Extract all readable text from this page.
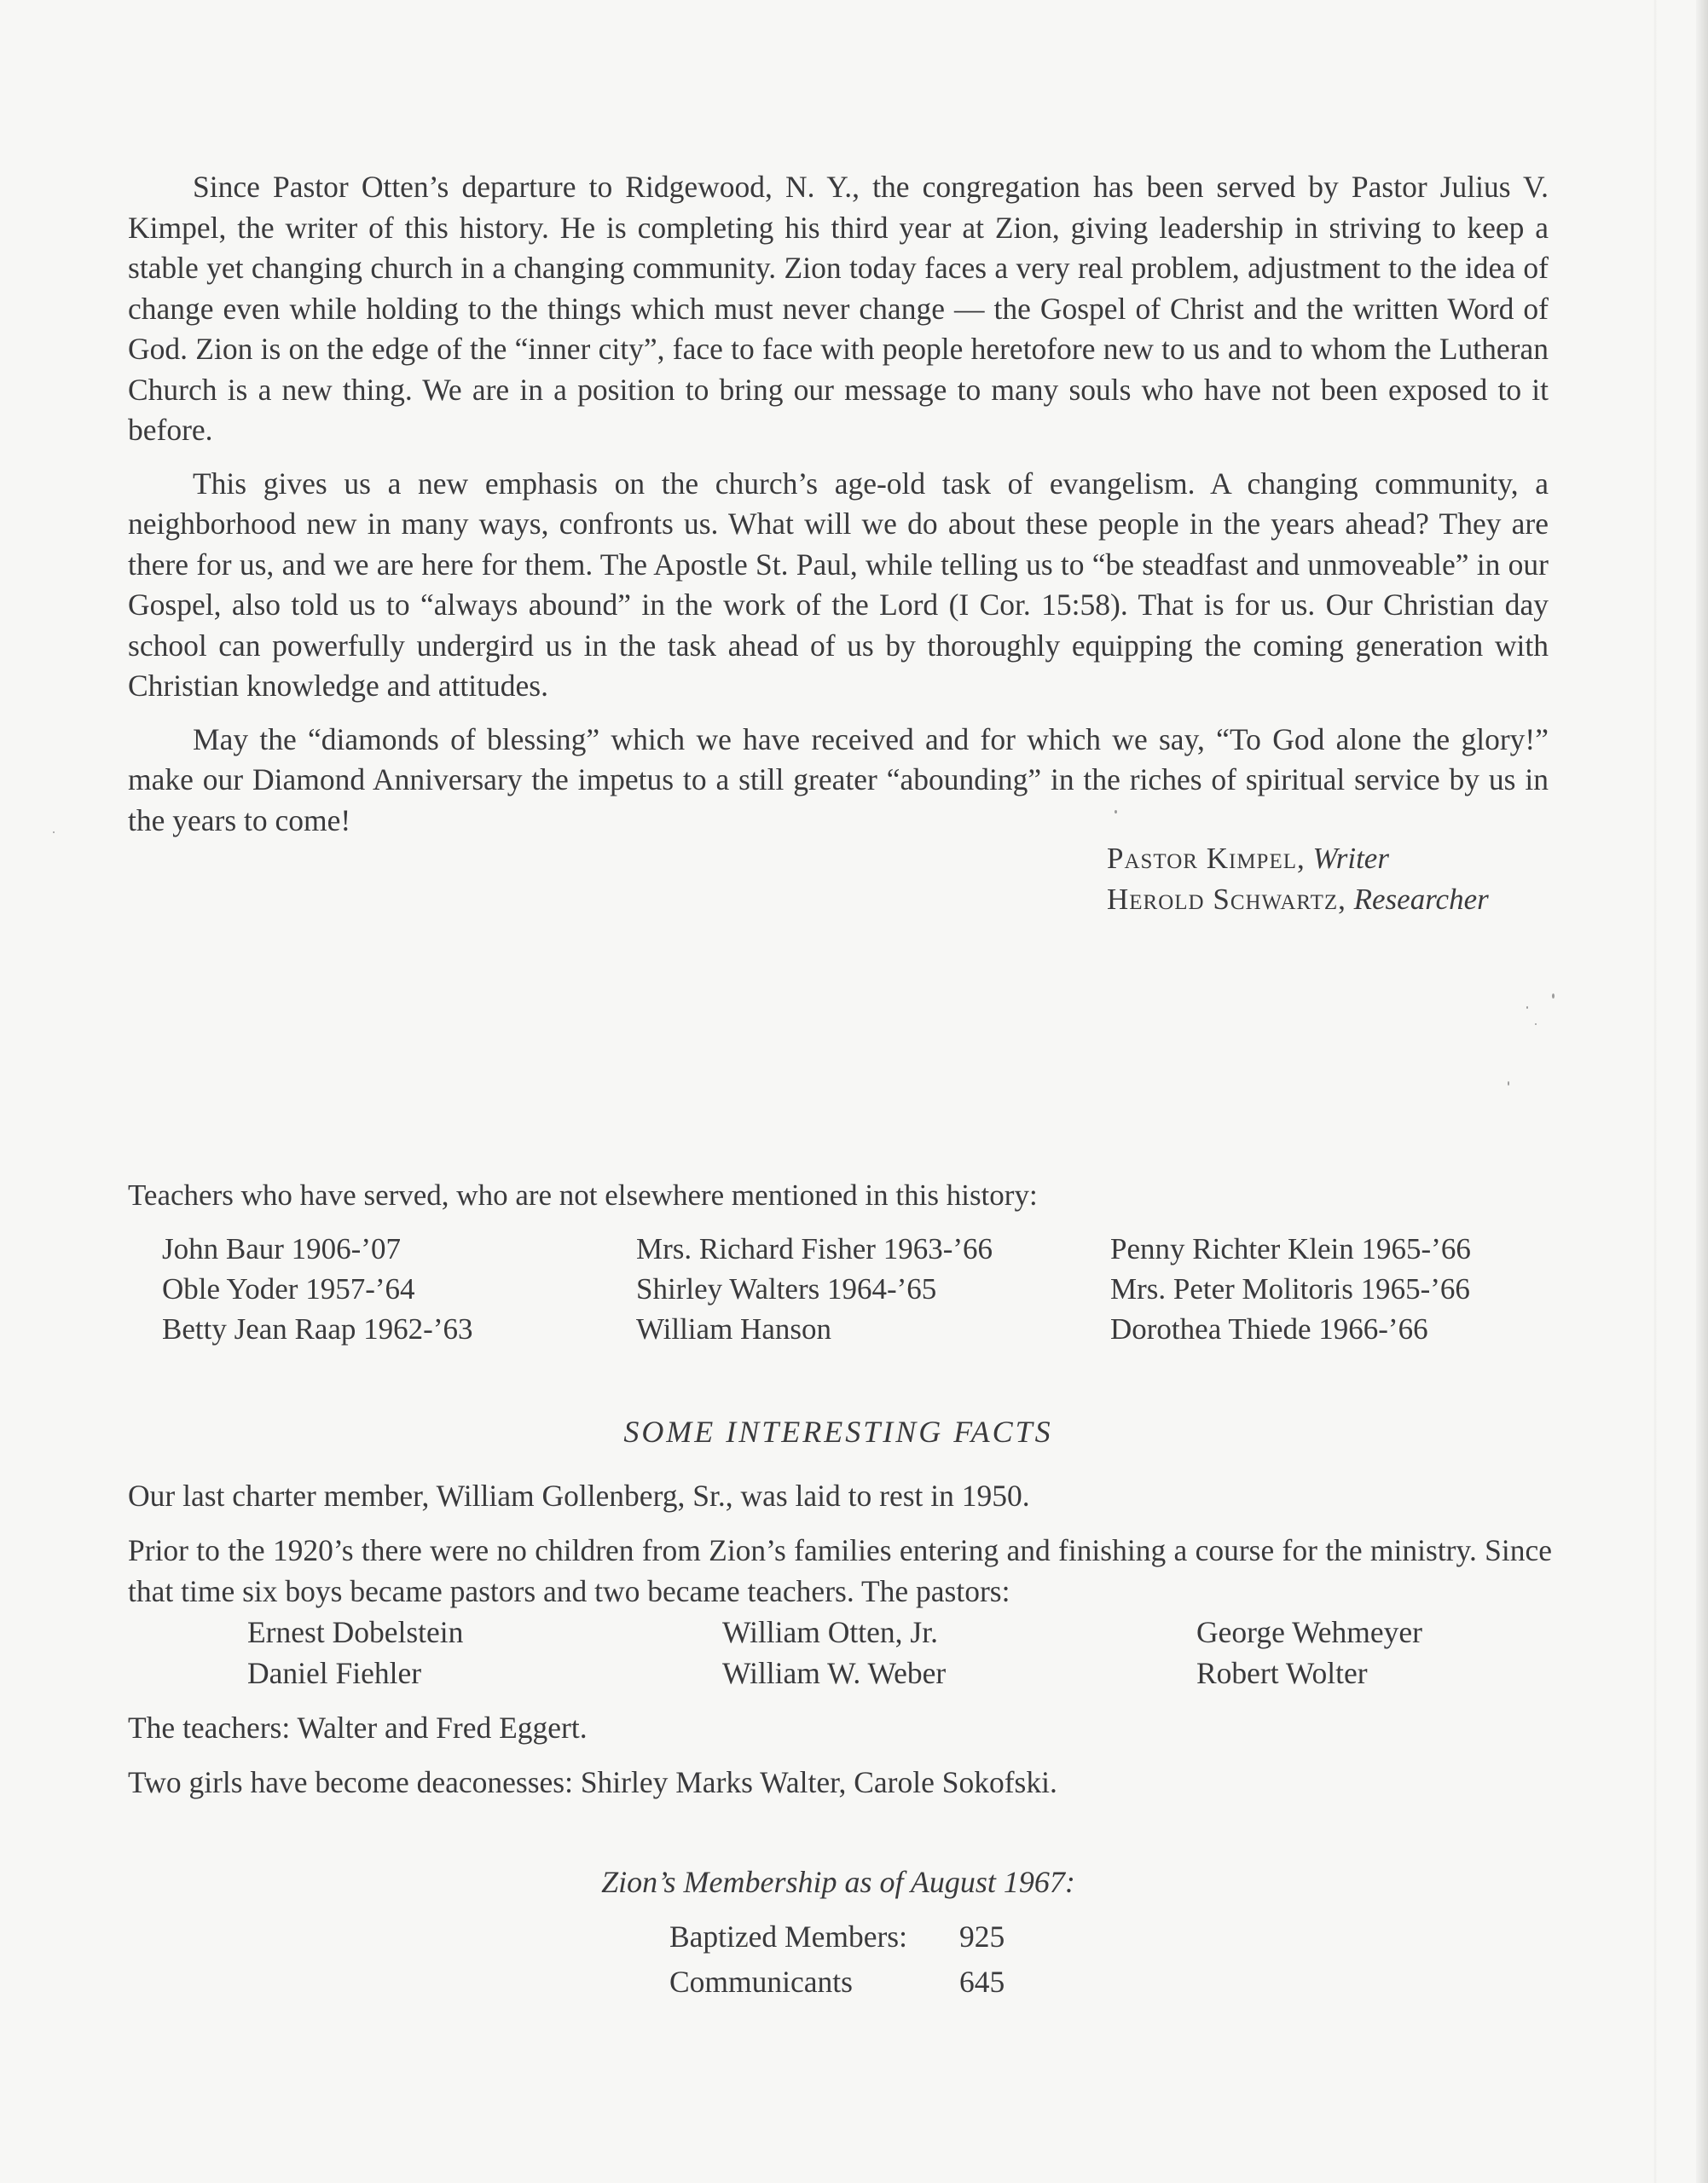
Since Pastor Otten’s departure to Ridgewood, N. Y., the congregation has been served by Pastor Julius V. Kimpel, the writer of this history. He is completing his third year at Zion, giving leadership in striving to keep a stable yet changing church in a changing community. Zion today faces a very real problem, adjustment to the idea of change even while holding to the things which must never change — the Gospel of Christ and the written Word of God. Zion is on the edge of the “inner city”, face to face with people heretofore new to us and to whom the Lutheran Church is a new thing. We are in a position to bring our message to many souls who have not been exposed to it before.

This gives us a new emphasis on the church’s age-old task of evangelism. A changing community, a neighborhood new in many ways, confronts us. What will we do about these people in the years ahead? They are there for us, and we are here for them. The Apostle St. Paul, while telling us to “be steadfast and unmoveable” in our Gospel, also told us to “always abound” in the work of the Lord (I Cor. 15:58). That is for us. Our Christian day school can powerfully undergird us in the task ahead of us by thoroughly equipping the coming generation with Christian knowledge and attitudes.

May the “diamonds of blessing” which we have received and for which we say, “To God alone the glory!” make our Diamond Anniversary the impetus to a still greater “abounding” in the riches of spiritual service by us in the years to come!

Pastor Kimpel, Writer
Herold Schwartz, Researcher
Teachers who have served, who are not elsewhere mentioned in this history:
John Baur 1906-’07
Oble Yoder 1957-’64
Betty Jean Raap 1962-’63
Mrs. Richard Fisher 1963-’66
Shirley Walters 1964-’65
William Hanson
Penny Richter Klein 1965-’66
Mrs. Peter Molitoris 1965-’66
Dorothea Thiede 1966-’66
SOME INTERESTING FACTS

Our last charter member, William Gollenberg, Sr., was laid to rest in 1950.

Prior to the 1920’s there were no children from Zion’s families entering and finishing a course for the ministry. Since that time six boys became pastors and two became teachers. The pastors:

Ernest Dobelstein
Daniel Fiehler
William Otten, Jr.
William W. Weber
George Wehmeyer
Robert Wolter

The teachers: Walter and Fred Eggert.

Two girls have become deaconesses: Shirley Marks Walter, Carole Sokofski.

Zion’s Membership as of August 1967:
Baptized Members: 925
Communicants	645
